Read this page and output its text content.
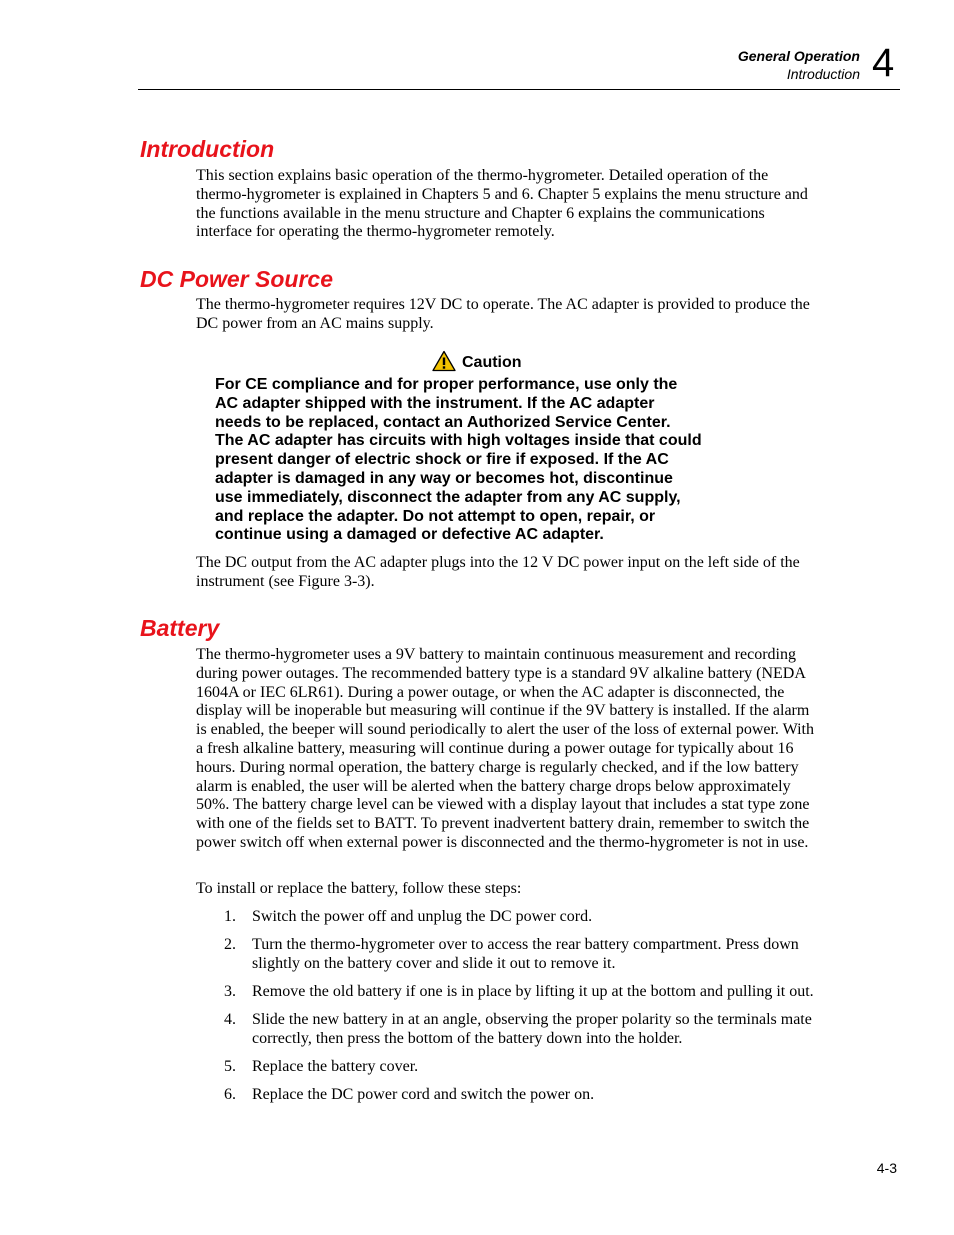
General Operation
Introduction 4
Introduction

This section explains basic operation of the thermo-hygrometer. Detailed operation of the thermo-hygrometer is explained in Chapters 5 and 6. Chapter 5 explains the menu structure and the functions available in the menu structure and Chapter 6 explains the communications interface for operating the thermo-hygrometer remotely.

DC Power Source

The thermo-hygrometer requires 12V DC to operate. The AC adapter is provided to produce the DC power from an AC mains supply.

Caution
For CE compliance and for proper performance, use only the
AC adapter shipped with the instrument. If the AC adapter
needs to be replaced, contact an Authorized Service Center.
The AC adapter has circuits with high voltages inside that could
present danger of electric shock or fire if exposed. If the AC
adapter is damaged in any way or becomes hot, discontinue
use immediately, disconnect the adapter from any AC supply,
and replace the adapter. Do not attempt to open, repair, or
continue using a damaged or defective AC adapter.

The DC output from the AC adapter plugs into the 12 V DC power input on the left side of the instrument (see Figure 3-3).

Battery

The thermo-hygrometer uses a 9V battery to maintain continuous measurement and recording during power outages. The recommended battery type is a standard 9V alkaline battery (NEDA 1604A or IEC 6LR61). During a power outage, or when the AC adapter is disconnected, the display will be inoperable but measuring will continue if the 9V battery is installed. If the alarm is enabled, the beeper will sound periodically to alert the user of the loss of external power. With a fresh alkaline battery, measuring will continue during a power outage for typically about 16 hours. During normal operation, the battery charge is regularly checked, and if the low battery alarm is enabled, the user will be alerted when the battery charge drops below approximately 50%. The battery charge level can be viewed with a display layout that includes a stat type zone with one of the fields set to BATT. To prevent inadvertent battery drain, remember to switch the power switch off when external power is disconnected and the thermo-hygrometer is not in use.

To install or replace the battery, follow these steps:

1.	Switch the power off and unplug the DC power cord.
2.	Turn the thermo-hygrometer over to access the rear battery compartment. Press down slightly on the battery cover and slide it out to remove it.
3.	Remove the old battery if one is in place by lifting it up at the bottom and pulling it out.
4.	Slide the new battery in at an angle, observing the proper polarity so the terminals mate correctly, then press the bottom of the battery down into the holder.
5.	Replace the battery cover.
6.	Replace the DC power cord and switch the power on.
4-3
